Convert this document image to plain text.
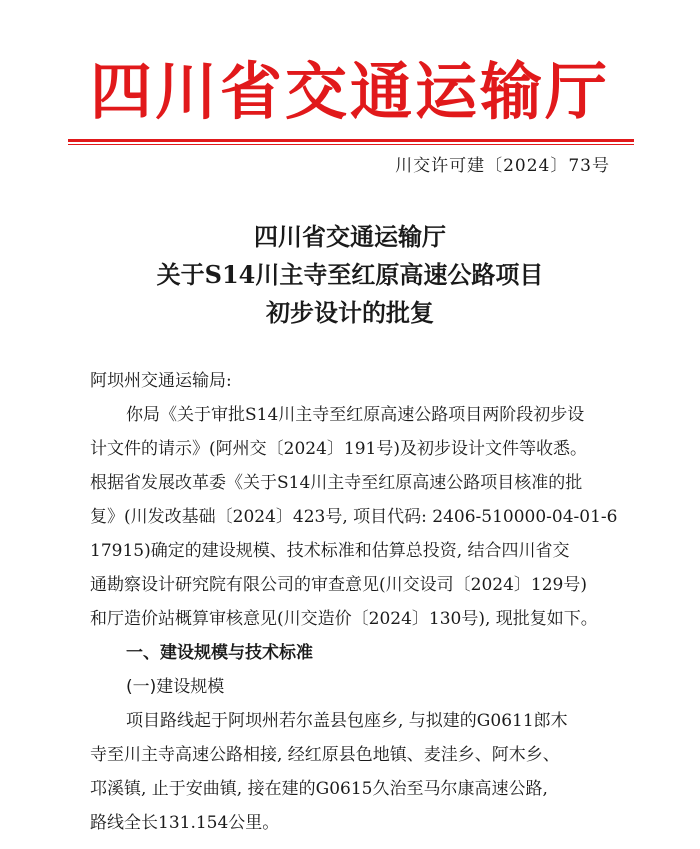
四川省交通运输厅
川交许可建〔2024〕73号
四川省交通运输厅
关于S14川主寺至红原高速公路项目
初步设计的批复
阿坝州交通运输局:
你局《关于审批S14川主寺至红原高速公路项目两阶段初步设
计文件的请示》(阿州交〔2024〕191号)及初步设计文件等收悉。
根据省发展改革委《关于S14川主寺至红原高速公路项目核准的批
复》(川发改基础〔2024〕423号, 项目代码: 2406-510000-04-01-6
17915)确定的建设规模、技术标准和估算总投资, 结合四川省交
通勘察设计研究院有限公司的审查意见(川交设司〔2024〕129号)
和厅造价站概算审核意见(川交造价〔2024〕130号), 现批复如下。
一、建设规模与技术标准
(一)建设规模
项目路线起于阿坝州若尔盖县包座乡, 与拟建的G0611郎木
寺至川主寺高速公路相接, 经红原县色地镇、麦洼乡、阿木乡、
邛溪镇, 止于安曲镇, 接在建的G0615久治至马尔康高速公路,
路线全长131.154公里。
